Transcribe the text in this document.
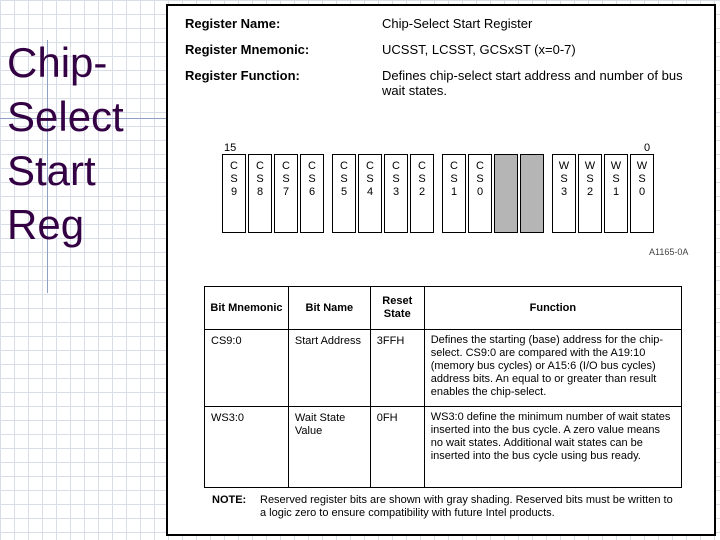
Chip-
Select
Start
Reg
Register Name:	Chip-Select Start Register
Register Mnemonic:	UCSST, LCSST, GCSxST (x=0-7)
Register Function:	Defines chip-select start address and number of bus wait states.
15	0
C
S
9
C
S
8
C
S
7
C
S
6
C
S
5
C
S
4
C
S
3
C
S
2
C
S
1
C
S
0
W
S
3
W
S
2
W
S
1
W
S
0
A1165-0A
Bit Mnemonic	Bit Name	Reset State	Function
CS9:0	Start Address	3FFH	Defines the starting (base) address for the chip-select. CS9:0 are compared with the A19:10 (memory bus cycles) or A15:6 (I/O bus cycles) address bits. An equal to or greater than result enables the chip-select.
WS3:0	Wait State Value	0FH	WS3:0 define the minimum number of wait states inserted into the bus cycle. A zero value means no wait states. Additional wait states can be inserted into the bus cycle using bus ready.
NOTE: Reserved register bits are shown with gray shading. Reserved bits must be written to a logic zero to ensure compatibility with future Intel products.
